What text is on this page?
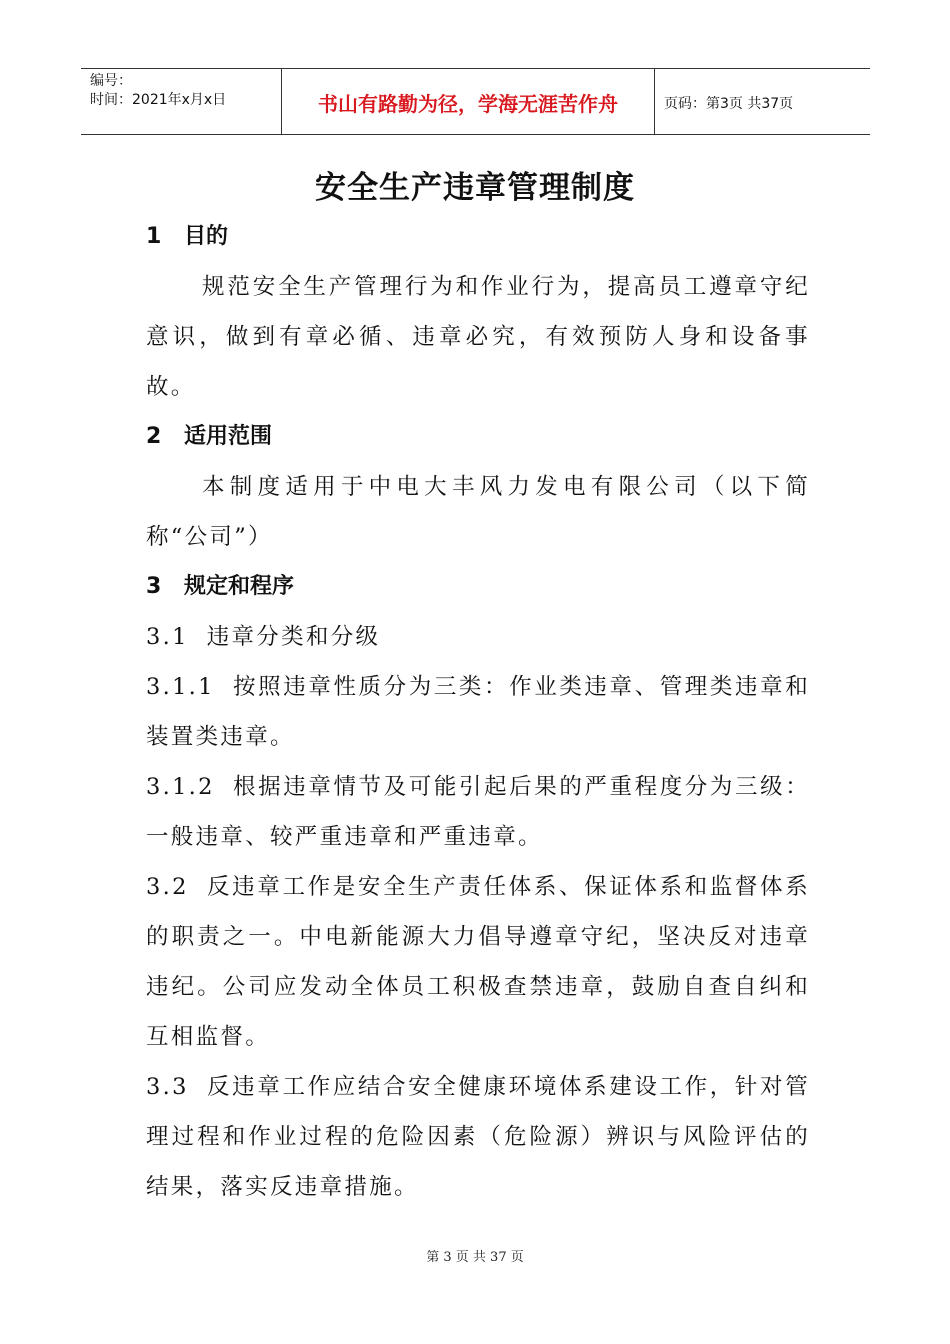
编号：
时间：2021年x月x日	书山有路勤为径，学海无涯苦作舟	页码：第3页 共37页
安全生产违章管理制度
1 目的
规范安全生产管理行为和作业行为，提高员工遵章守纪意识，做到有章必循、违章必究，有效预防人身和设备事故。
2 适用范围
本制度适用于中电大丰风力发电有限公司（以下简称“公司”）
3 规定和程序
3.1 违章分类和分级
3.1.1 按照违章性质分为三类：作业类违章、管理类违章和装置类违章。
3.1.2 根据违章情节及可能引起后果的严重程度分为三级：一般违章、较严重违章和严重违章。
3.2 反违章工作是安全生产责任体系、保证体系和监督体系的职责之一。中电新能源大力倡导遵章守纪，坚决反对违章违纪。公司应发动全体员工积极查禁违章，鼓励自查自纠和互相监督。
3.3 反违章工作应结合安全健康环境体系建设工作，针对管理过程和作业过程的危险因素（危险源）辨识与风险评估的结果，落实反违章措施。
第 3 页 共 37 页
